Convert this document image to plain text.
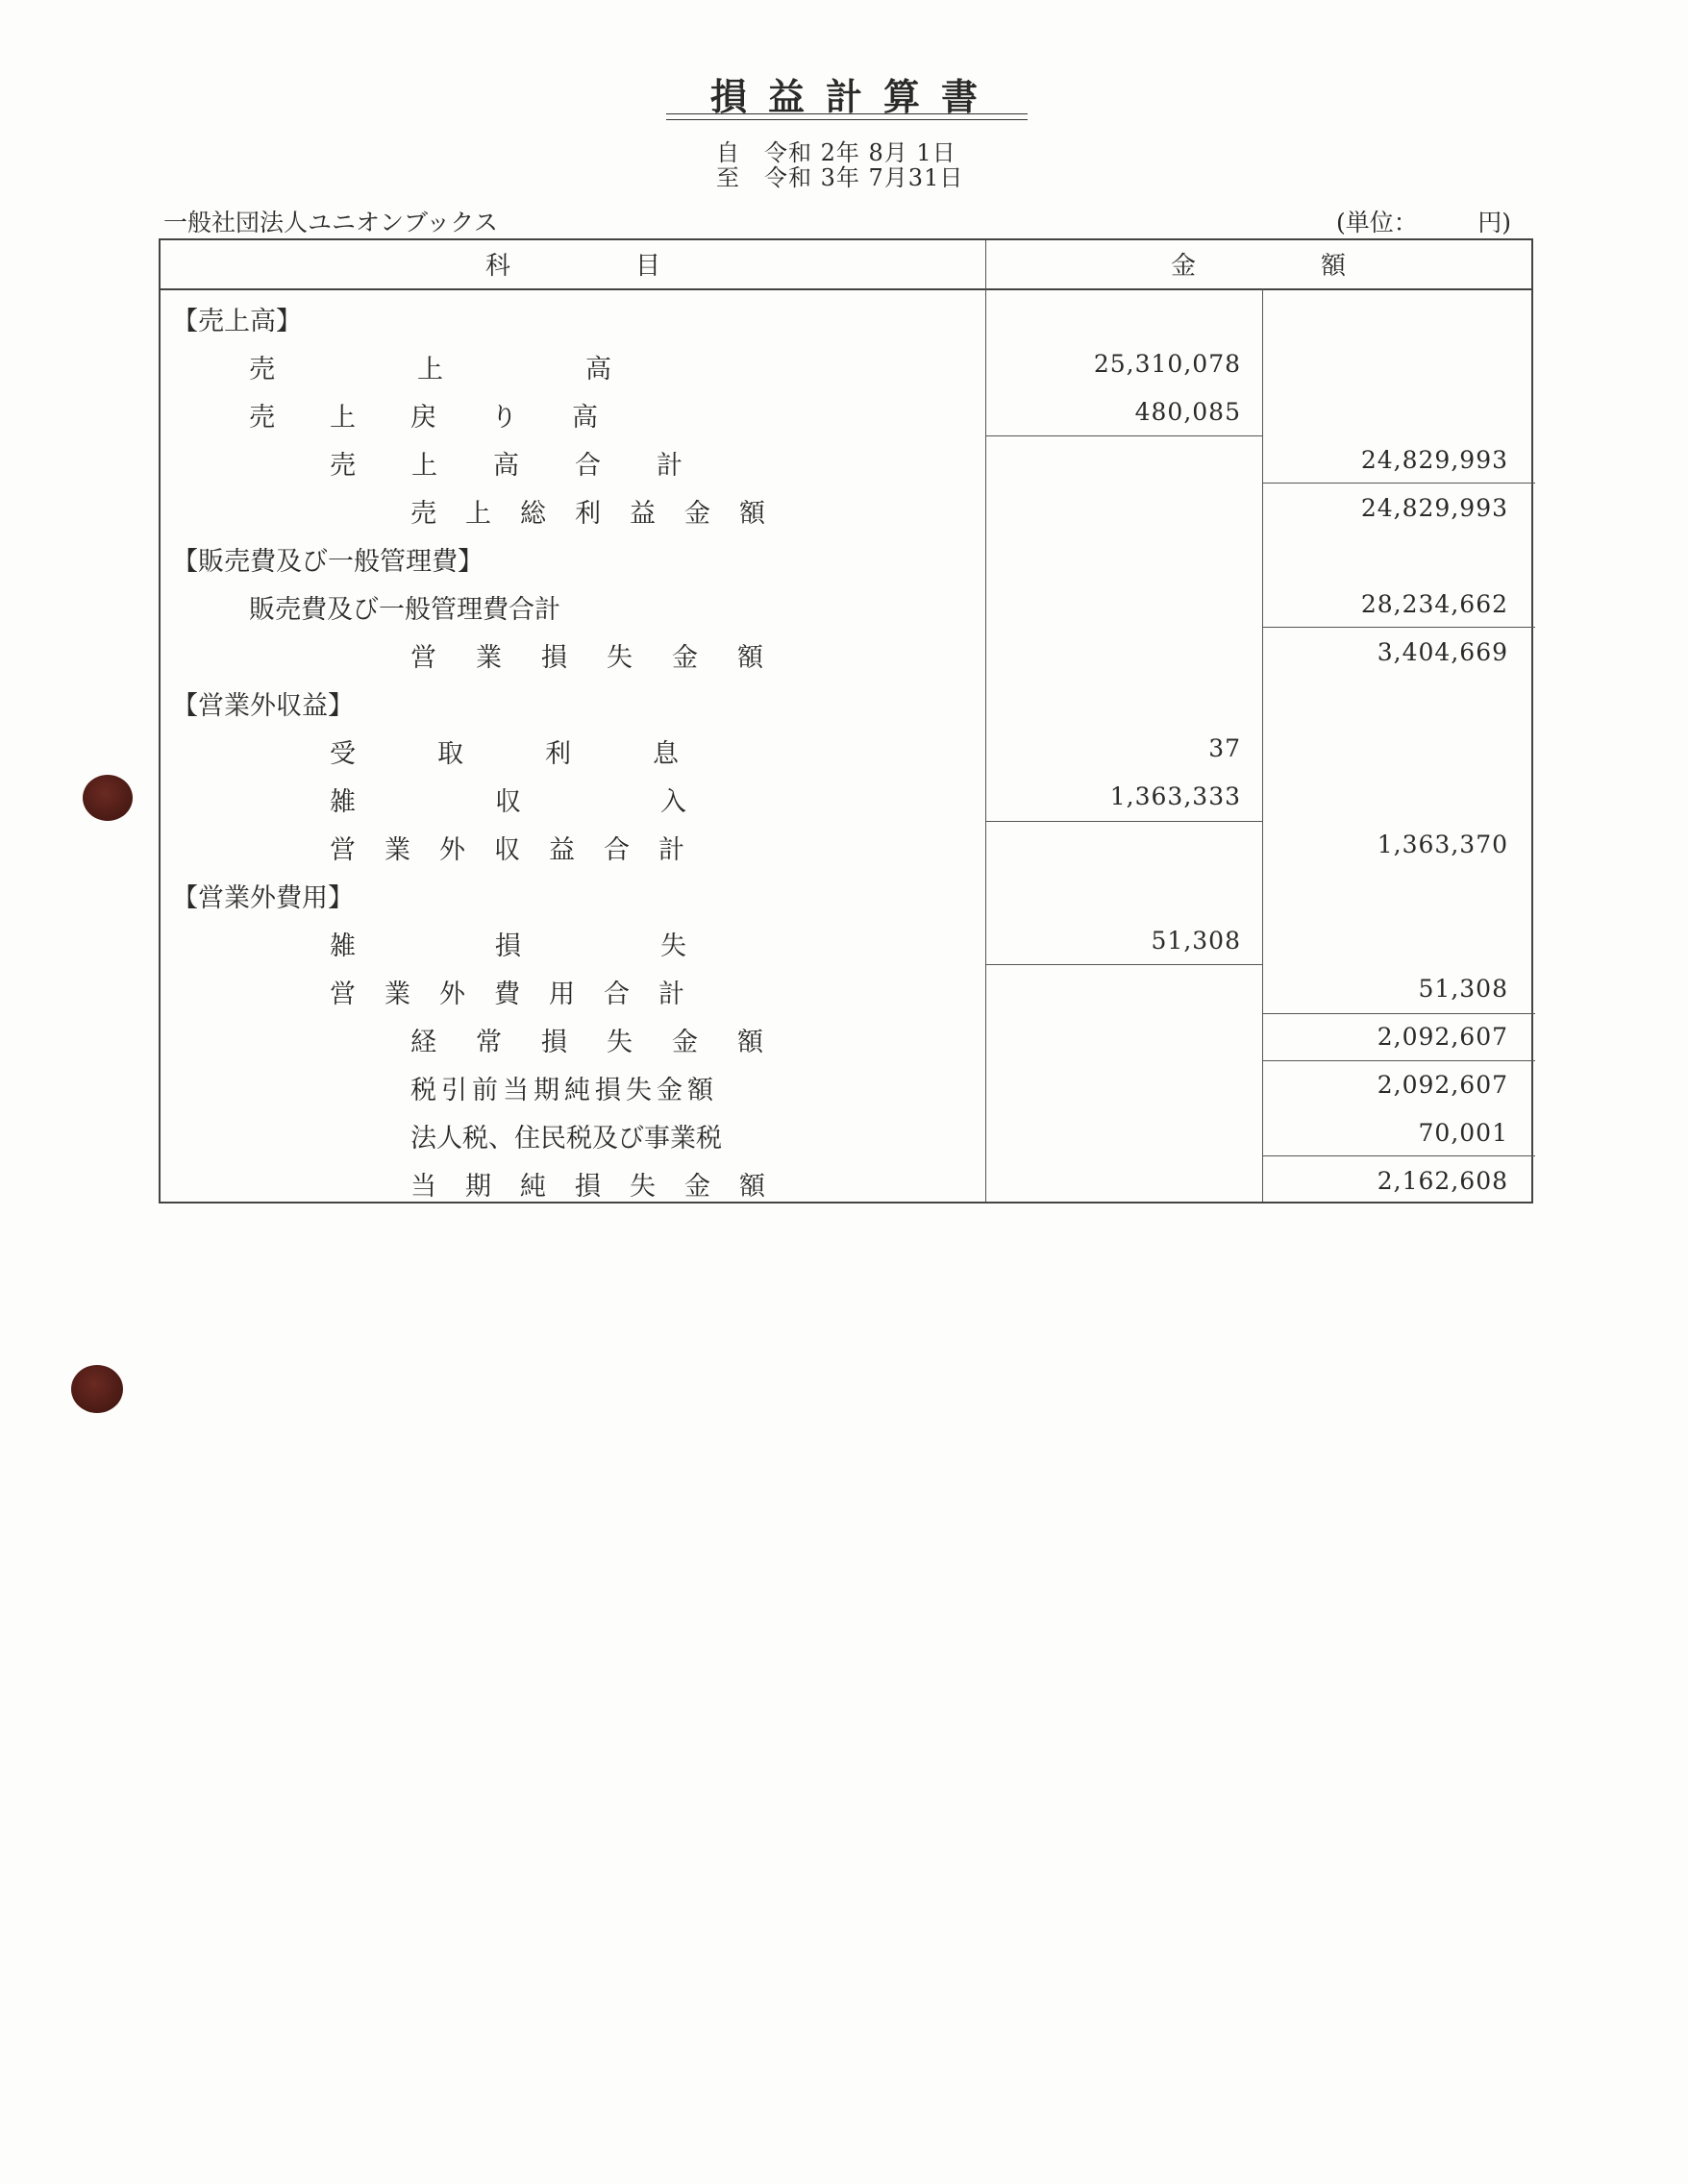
損益計算書
自　令和 2年 8月 1日
至　令和 3年 7月31日
一般社団法人ユニオンブックス	(単位：　　　円)
科　　　　　目	金　　　　　額
【売上高】
売上高	25,310,078
売上戻り高	480,085
売上高合計	24,829,993
売上総利益金額	24,829,993
【販売費及び一般管理費】
販売費及び一般管理費合計	28,234,662
営業損失金額	3,404,669
【営業外収益】
受取利息	37
雑収入	1,363,333
営業外収益合計	1,363,370
【営業外費用】
雑損失	51,308
営業外費用合計	51,308
経常損失金額	2,092,607
税引前当期純損失金額	2,092,607
法人税、住民税及び事業税	70,001
当期純損失金額	2,162,608
